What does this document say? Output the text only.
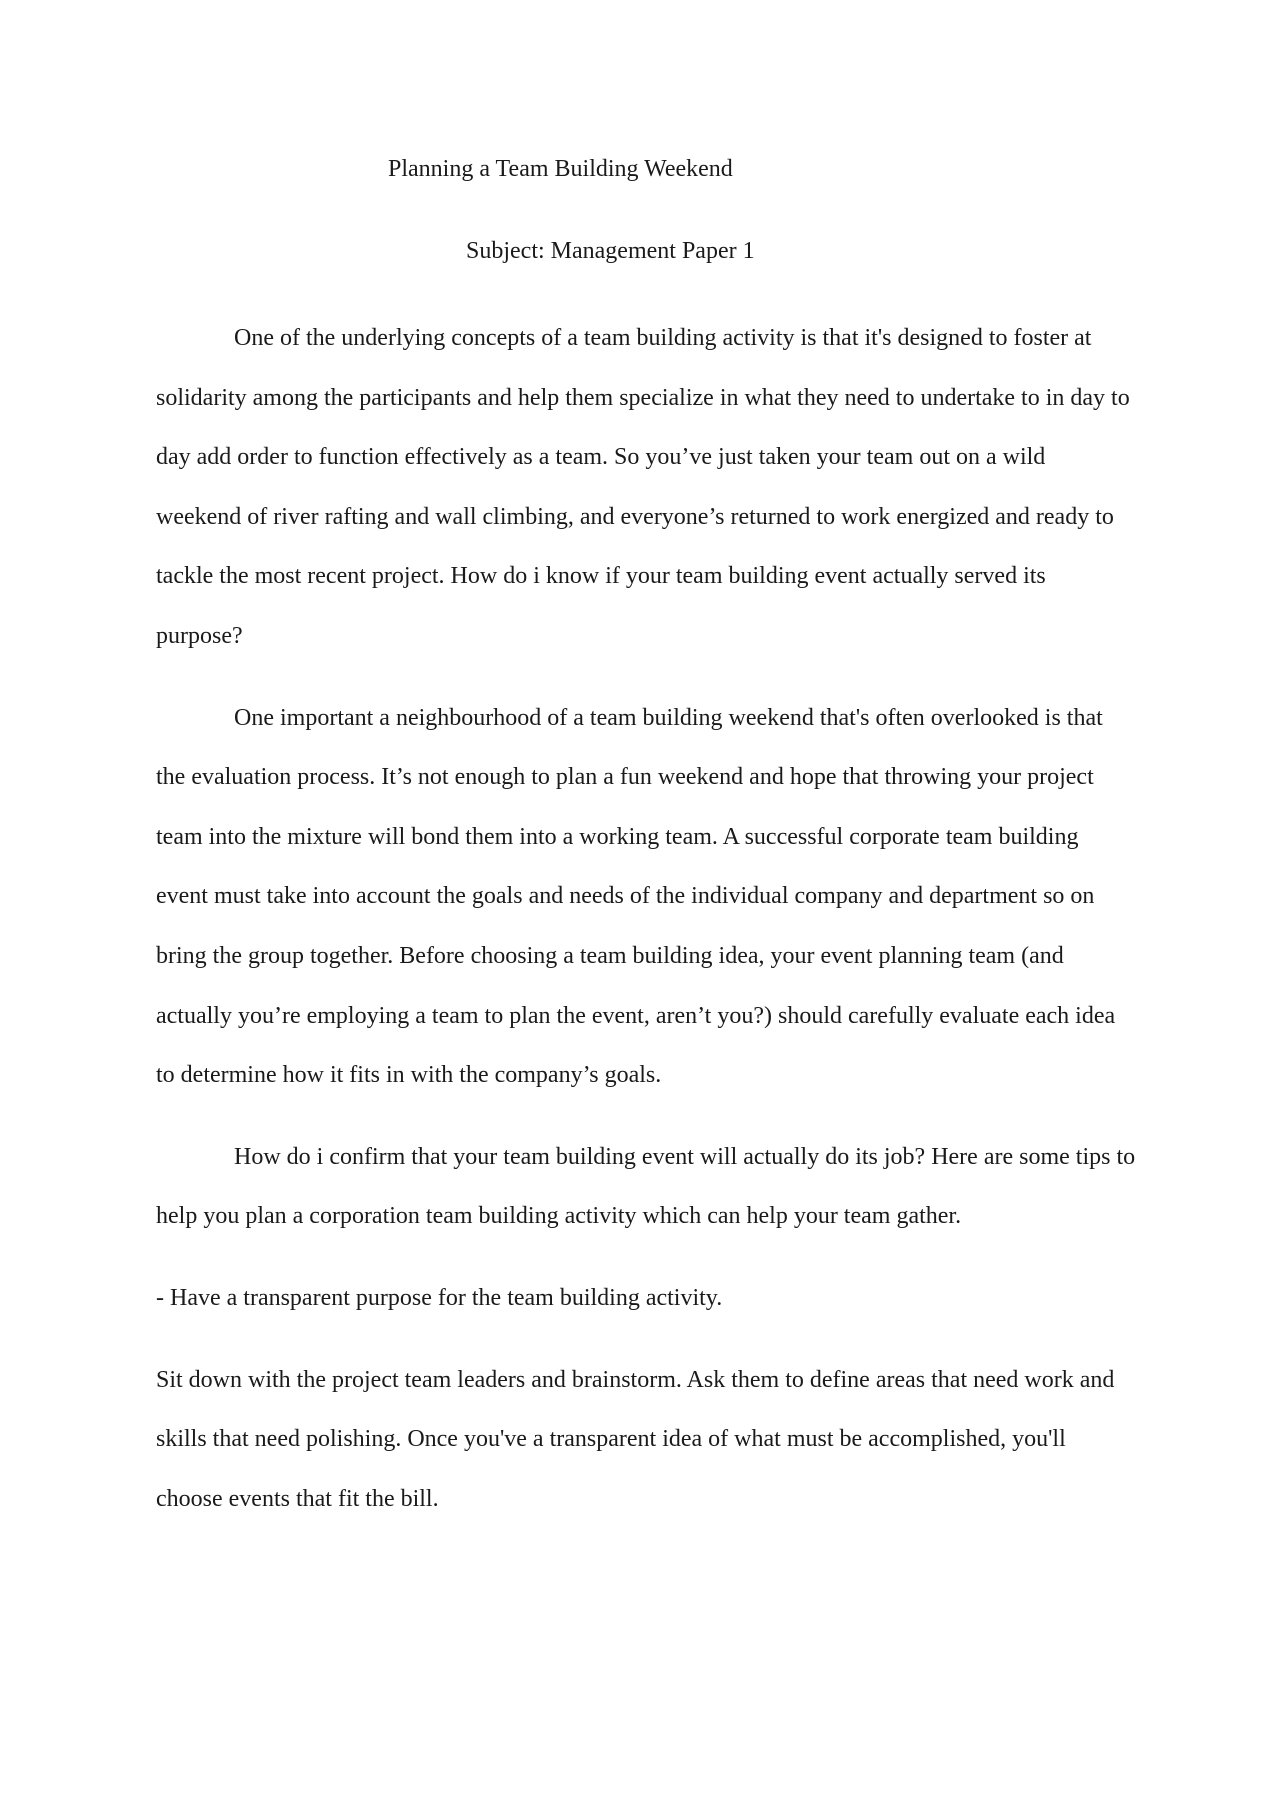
Planning a Team Building Weekend
Subject: Management Paper 1

One of the underlying concepts of a team building activity is that it's designed to foster at solidarity among the participants and help them specialize in what they need to undertake to in day to day add order to function effectively as a team. So you’ve just taken your team out on a wild weekend of river rafting and wall climbing, and everyone’s returned to work energized and ready to tackle the most recent project. How do i know if your team building event actually served its purpose?

One important a neighbourhood of a team building weekend that's often overlooked is that the evaluation process. It’s not enough to plan a fun weekend and hope that throwing your project team into the mixture will bond them into a working team. A successful corporate team building event must take into account the goals and needs of the individual company and department so on bring the group together. Before choosing a team building idea, your event planning team (and actually you’re employing a team to plan the event, aren’t you?) should carefully evaluate each idea to determine how it fits in with the company’s goals.

How do i confirm that your team building event will actually do its job? Here are some tips to help you plan a corporation team building activity which can help your team gather.

- Have a transparent purpose for the team building activity.

Sit down with the project team leaders and brainstorm. Ask them to define areas that need work and skills that need polishing. Once you've a transparent idea of what must be accomplished, you'll choose events that fit the bill.
